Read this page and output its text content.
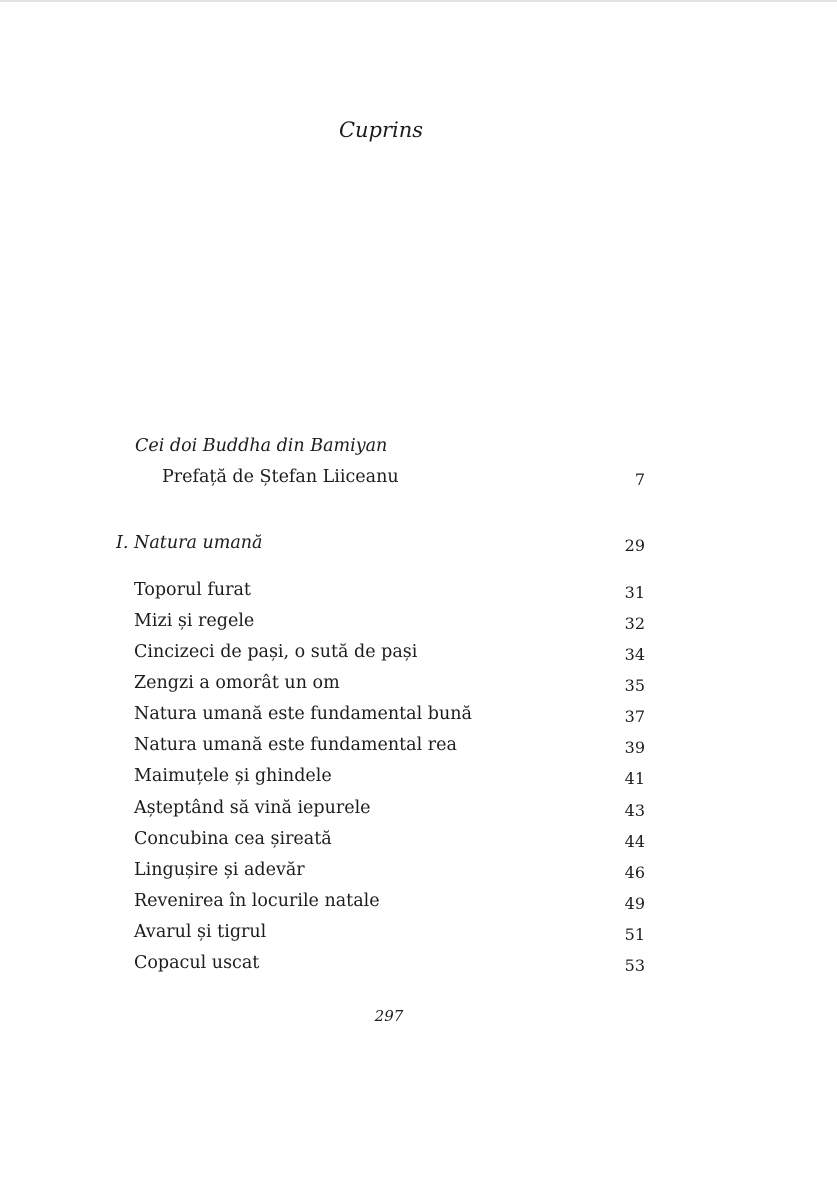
Cuprins
Cei doi Buddha din Bamiyan
Prefață de Ștefan Liiceanu	7
I. Natura umană	29
Toporul furat	31
Mizi și regele	32
Cincizeci de pași, o sută de pași	34
Zengzi a omorât un om	35
Natura umană este fundamental bună	37
Natura umană este fundamental rea	39
Maimuțele și ghindele	41
Așteptând să vină iepurele	43
Concubina cea șireată	44
Lingușire și adevăr	46
Revenirea în locurile natale	49
Avarul și tigrul	51
Copacul uscat	53
297
